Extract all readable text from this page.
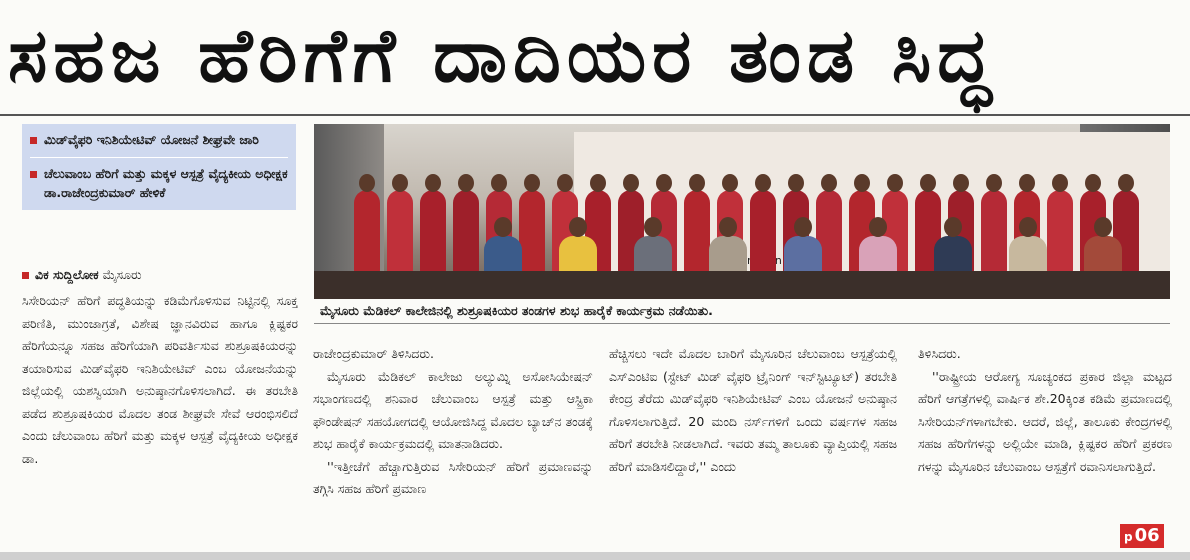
ಸಹಜ ಹೆರಿಗೆಗೆ ದಾದಿಯರ ತಂಡ ಸಿದ್ಧ
ಮಿಡ್‌ವೈಫರಿ ಇನಿಶಿಯೇಟಿವ್ ಯೋಜನೆ ಶೀಘ್ರವೇ ಜಾರಿ
ಚೆಲುವಾಂಬ ಹೆರಿಗೆ ಮತ್ತು ಮಕ್ಕಳ ಆಸ್ಪತ್ರೆ ವೈದ್ಯಕೀಯ ಅಧೀಕ್ಷಕ ಡಾ.ರಾಜೇಂದ್ರಕುಮಾರ್ ಹೇಳಿಕೆ
ವಿಕ ಸುದ್ದಿಲೋಕ ಮೈಸೂರು

ಸಿಸೇರಿಯನ್ ಹೆರಿಗೆ ಪದ್ಧತಿಯನ್ನು ಕಡಿಮೆಗೊಳಿಸುವ ನಿಟ್ಟಿನಲ್ಲಿ ಸೂಕ್ತ ಪರಿಣಿತಿ, ಮುಂಜಾಗ್ರತೆ, ವಿಶೇಷ ಜ್ಞಾನವಿರುವ ಹಾಗೂ ಕ್ಲಿಷ್ಟಕರ ಹೆರಿಗೆಯನ್ನೂ ಸಹಜ ಹೆರಿಗೆಯಾಗಿ ಪರಿವರ್ತಿಸುವ ಶುಶ್ರೂಷಕಿಯರನ್ನು ತಯಾರಿಸುವ ಮಿಡ್‌ವೈಫರಿ ಇನಿಶಿಯೇಟಿವ್ ಎಂಬ ಯೋಜನೆಯನ್ನು ಜಿಲ್ಲೆಯಲ್ಲಿ ಯಶಸ್ವಿಯಾಗಿ ಅನುಷ್ಠಾನಗೊಳಿಸಲಾಗಿದೆ. ಈ ತರಬೇತಿ ಪಡೆದ ಶುಶ್ರೂಷಕಿಯರ ಮೊದಲ ತಂಡ ಶೀಘ್ರವೇ ಸೇವೆ ಆರಂಭಿಸಲಿದೆ ಎಂದು ಚೆಲುವಾಂಬ ಹೆರಿಗೆ ಮತ್ತು ಮಕ್ಕಳ ಆಸ್ಪತ್ರೆ ವೈದ್ಯಕೀಯ ಅಧೀಕ್ಷಕ ಡಾ.

ಮೈಸೂರು ಮೆಡಿಕಲ್ ಕಾಲೇಜಿನಲ್ಲಿ ಶುಶ್ರೂಷಕಿಯರ ತಂಡಗಳ ಶುಭ ಹಾರೈಕೆ ಕಾರ್ಯಕ್ರಮ ನಡೆಯಿತು.

ರಾಜೇಂದ್ರಕುಮಾರ್ ತಿಳಿಸಿದರು.

ಮೈಸೂರು ಮೆಡಿಕಲ್ ಕಾಲೇಜು ಅಲ್ಯುಮ್ನಿ ಅಸೋಸಿಯೇಷನ್ ಸಭಾಂಗಣದಲ್ಲಿ ಶನಿವಾರ ಚೆಲುವಾಂಬ ಆಸ್ಪತ್ರೆ ಮತ್ತು ಆಸ್ಟ್ರಿಕಾ ಫೌಂಡೇಷನ್ ಸಹಯೋಗದಲ್ಲಿ ಆಯೋಜಿಸಿದ್ದ ಮೊದಲ ಬ್ಯಾಚ್‌ನ ತಂಡಕ್ಕೆ ಶುಭ ಹಾರೈಕೆ ಕಾರ್ಯಕ್ರಮದಲ್ಲಿ ಮಾತನಾಡಿದರು.

''ಇತ್ತೀಚೆಗೆ ಹೆಚ್ಚಾಗುತ್ತಿರುವ ಸಿಸೇರಿಯನ್ ಹೆರಿಗೆ ಪ್ರಮಾಣವನ್ನು ತಗ್ಗಿಸಿ ಸಹಜ ಹೆರಿಗೆ ಪ್ರಮಾಣ

ಹೆಚ್ಚಿಸಲು ಇದೇ ಮೊದಲ ಬಾರಿಗೆ ಮೈಸೂರಿನ ಚೆಲುವಾಂಬ ಆಸ್ಪತ್ರೆಯಲ್ಲಿ ಎಸ್‌ಎಂಟಿಐ (ಸ್ಟೇಟ್ ಮಿಡ್ ವೈಫರಿ ಟ್ರೈನಿಂಗ್ ಇನ್‌ಸ್ಟಿಟ್ಯೂಟ್) ತರಬೇತಿ ಕೇಂದ್ರ ತೆರೆದು ಮಿಡ್‌ವೈಫರಿ ಇನಿಶಿಯೇಟಿವ್ ಎಂಬ ಯೋಜನೆ ಅನುಷ್ಠಾನ ಗೊಳಿಸಲಾಗುತ್ತಿದೆ. 20 ಮಂದಿ ನರ್ಸ್‌ಗಳಿಗೆ ಒಂದು ವರ್ಷಗಳ ಸಹಜ ಹೆರಿಗೆ ತರಬೇತಿ ನೀಡಲಾಗಿದೆ. ಇವರು ತಮ್ಮ ತಾಲೂಕು ವ್ಯಾಪ್ತಿಯಲ್ಲಿ ಸಹಜ ಹೆರಿಗೆ ಮಾಡಿಸಲಿದ್ದಾರೆ,'' ಎಂದು

ತಿಳಿಸಿದರು.

''ರಾಷ್ಟ್ರೀಯ ಆರೋಗ್ಯ ಸೂಚ್ಯಂಕದ ಪ್ರಕಾರ ಜಿಲ್ಲಾ ಮಟ್ಟದ ಹೆರಿಗೆ ಆಗತ್ರೆಗಳಲ್ಲಿ ವಾರ್ಷಿಕ ಶೇ.20ಕ್ಕಿಂತ ಕಡಿಮೆ ಪ್ರಮಾಣದಲ್ಲಿ ಸಿಸೇರಿಯನ್‌ಗಳಾಗಬೇಕು. ಆದರೆ, ಜಿಲ್ಲೆ, ತಾಲೂಕು ಕೇಂದ್ರಗಳಲ್ಲಿ ಸಹಜ ಹೆರಿಗೆಗಳನ್ನು ಅಲ್ಲಿಯೇ ಮಾಡಿ, ಕ್ಲಿಷ್ಟಕರ ಹೆರಿಗೆ ಪ್ರಕರಣ ಗಳನ್ನು ಮೈಸೂರಿನ ಚೆಲುವಾಂಬ ಆಸ್ಪತ್ರೆಗೆ ರವಾನಿಸಲಾಗುತ್ತಿದೆ.

p 06
